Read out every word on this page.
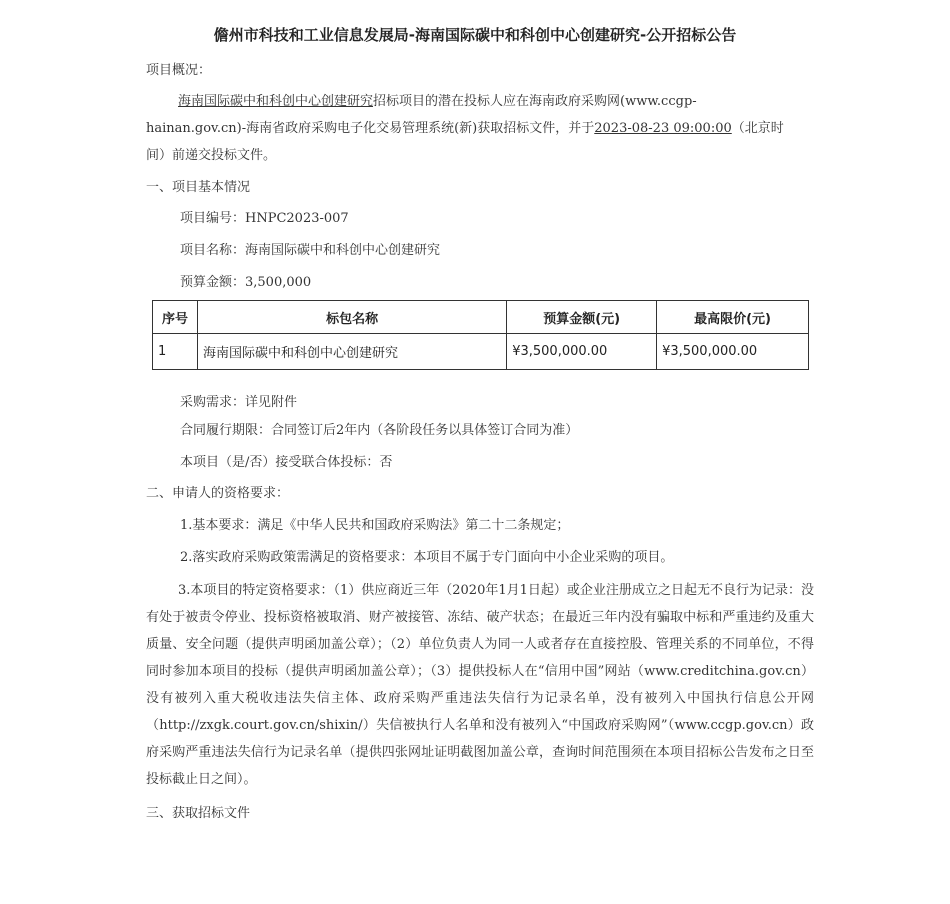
儋州市科技和工业信息发展局-海南国际碳中和科创中心创建研究-公开招标公告
项目概况：
海南国际碳中和科创中心创建研究招标项目的潜在投标人应在海南政府采购网(www.ccgp-
hainan.gov.cn)-海南省政府采购电子化交易管理系统(新)获取招标文件，并于2023-08-23 09:00:00（北京时
间）前递交投标文件。
一、项目基本情况
项目编号：HNPC2023-007
项目名称：海南国际碳中和科创中心创建研究
预算金额：3,500,000
序号	标包名称	预算金额(元)	最高限价(元)
1	海南国际碳中和科创中心创建研究	¥3,500,000.00	¥3,500,000.00
采购需求：详见附件
合同履行期限：合同签订后2年内（各阶段任务以具体签订合同为准）
本项目（是/否）接受联合体投标：否
二、申请人的资格要求：
1.基本要求：满足《中华人民共和国政府采购法》第二十二条规定；
2.落实政府采购政策需满足的资格要求：本项目不属于专门面向中小企业采购的项目。
3.本项目的特定资格要求：（1）供应商近三年（2020年1月1日起）或企业注册成立之日起无不良行为记录：没有处于被责令停业、投标资格被取消、财产被接管、冻结、破产状态；在最近三年内没有骗取中标和严重违约及重大质量、安全问题（提供声明函加盖公章）；（2）单位负责人为同一人或者存在直接控股、管理关系的不同单位，不得同时参加本项目的投标（提供声明函加盖公章）；（3）提供投标人在“信用中国”网站（www.creditchina.gov.cn）没有被列入重大税收违法失信主体、政府采购严重违法失信行为记录名单，没有被列入中国执行信息公开网（http://zxgk.court.gov.cn/shixin/）失信被执行人名单和没有被列入“中国政府采购网”（www.ccgp.gov.cn）政府采购严重违法失信行为记录名单（提供四张网址证明截图加盖公章，查询时间范围须在本项目招标公告发布之日至投标截止日之间）。
三、获取招标文件
